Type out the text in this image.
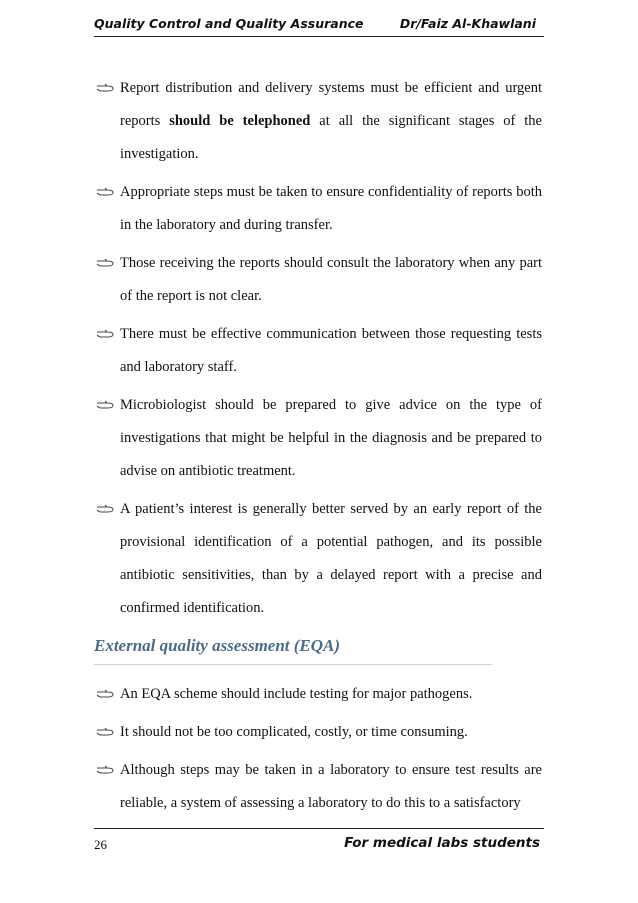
Quality Control and Quality Assurance	Dr/Faiz Al-Khawlani
Report distribution and delivery systems must be efficient and urgent reports should be telephoned at all the significant stages of the investigation.
Appropriate steps must be taken to ensure confidentiality of reports both in the laboratory and during transfer.
Those receiving the reports should consult the laboratory when any part of the report is not clear.
There must be effective communication between those requesting tests and laboratory staff.
Microbiologist should be prepared to give advice on the type of investigations that might be helpful in the diagnosis and be prepared to advise on antibiotic treatment.
A patient’s interest is generally better served by an early report of the provisional identification of a potential pathogen, and its possible antibiotic sensitivities, than by a delayed report with a precise and confirmed identification.
External quality assessment (EQA)
An EQA scheme should include testing for major pathogens.
It should not be too complicated, costly, or time consuming.
Although steps may be taken in a laboratory to ensure test results are reliable, a system of assessing a laboratory to do this to a satisfactory
26	For medical labs students
